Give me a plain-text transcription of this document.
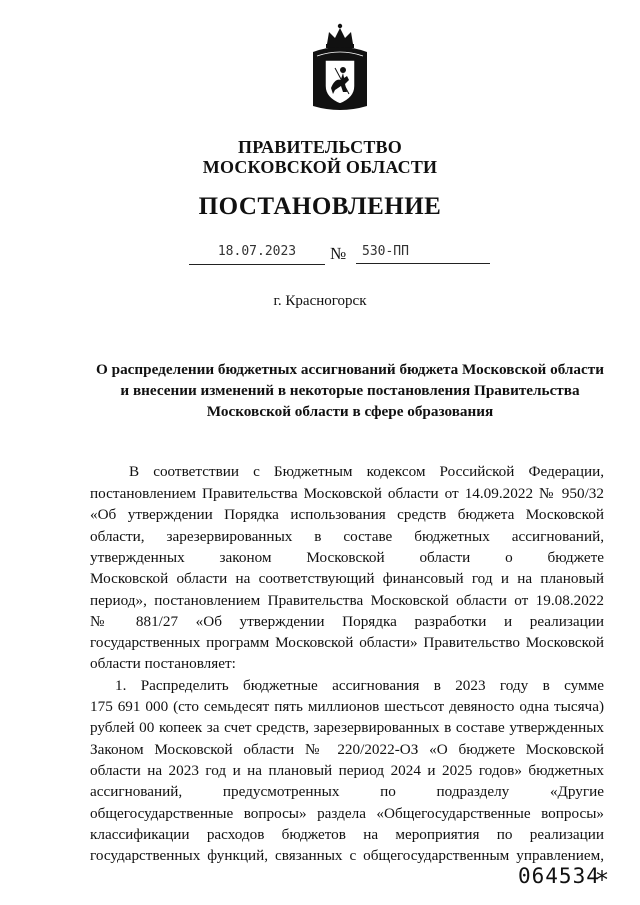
ПРАВИТЕЛЬСТВО
МОСКОВСКОЙ ОБЛАСТИ
ПОСТАНОВЛЕНИЕ
18.07.2023	№	530-ПП
г. Красногорск
О распределении бюджетных ассигнований бюджета Московской области
и внесении изменений в некоторые постановления Правительства
Московской области в сфере образования
В соответствии с Бюджетным кодексом Российской Федерации,
постановлением Правительства Московской области от 14.09.2022 № 950/32
«Об утверждении Порядка использования средств бюджета Московской
области, зарезервированных в составе бюджетных ассигнований,
утвержденных законом Московской области о бюджете
Московской области на соответствующий финансовый год и на плановый
период», постановлением Правительства Московской области от 19.08.2022
№ 881/27 «Об утверждении Порядка разработки и реализации
государственных программ Московской области» Правительство Московской
области постановляет:
1. Распределить бюджетные ассигнования в 2023 году в сумме
175 691 000 (сто семьдесят пять миллионов шестьсот девяносто одна тысяча)
рублей 00 копеек за счет средств, зарезервированных в составе утвержденных
Законом Московской области № 220/2022-ОЗ «О бюджете Московской
области на 2023 год и на плановый период 2024 и 2025 годов» бюджетных
ассигнований, предусмотренных по подразделу «Другие
общегосударственные вопросы» раздела «Общегосударственные вопросы»
классификации расходов бюджетов на мероприятия по реализации
государственных функций, связанных с общегосударственным управлением,
064534
*
